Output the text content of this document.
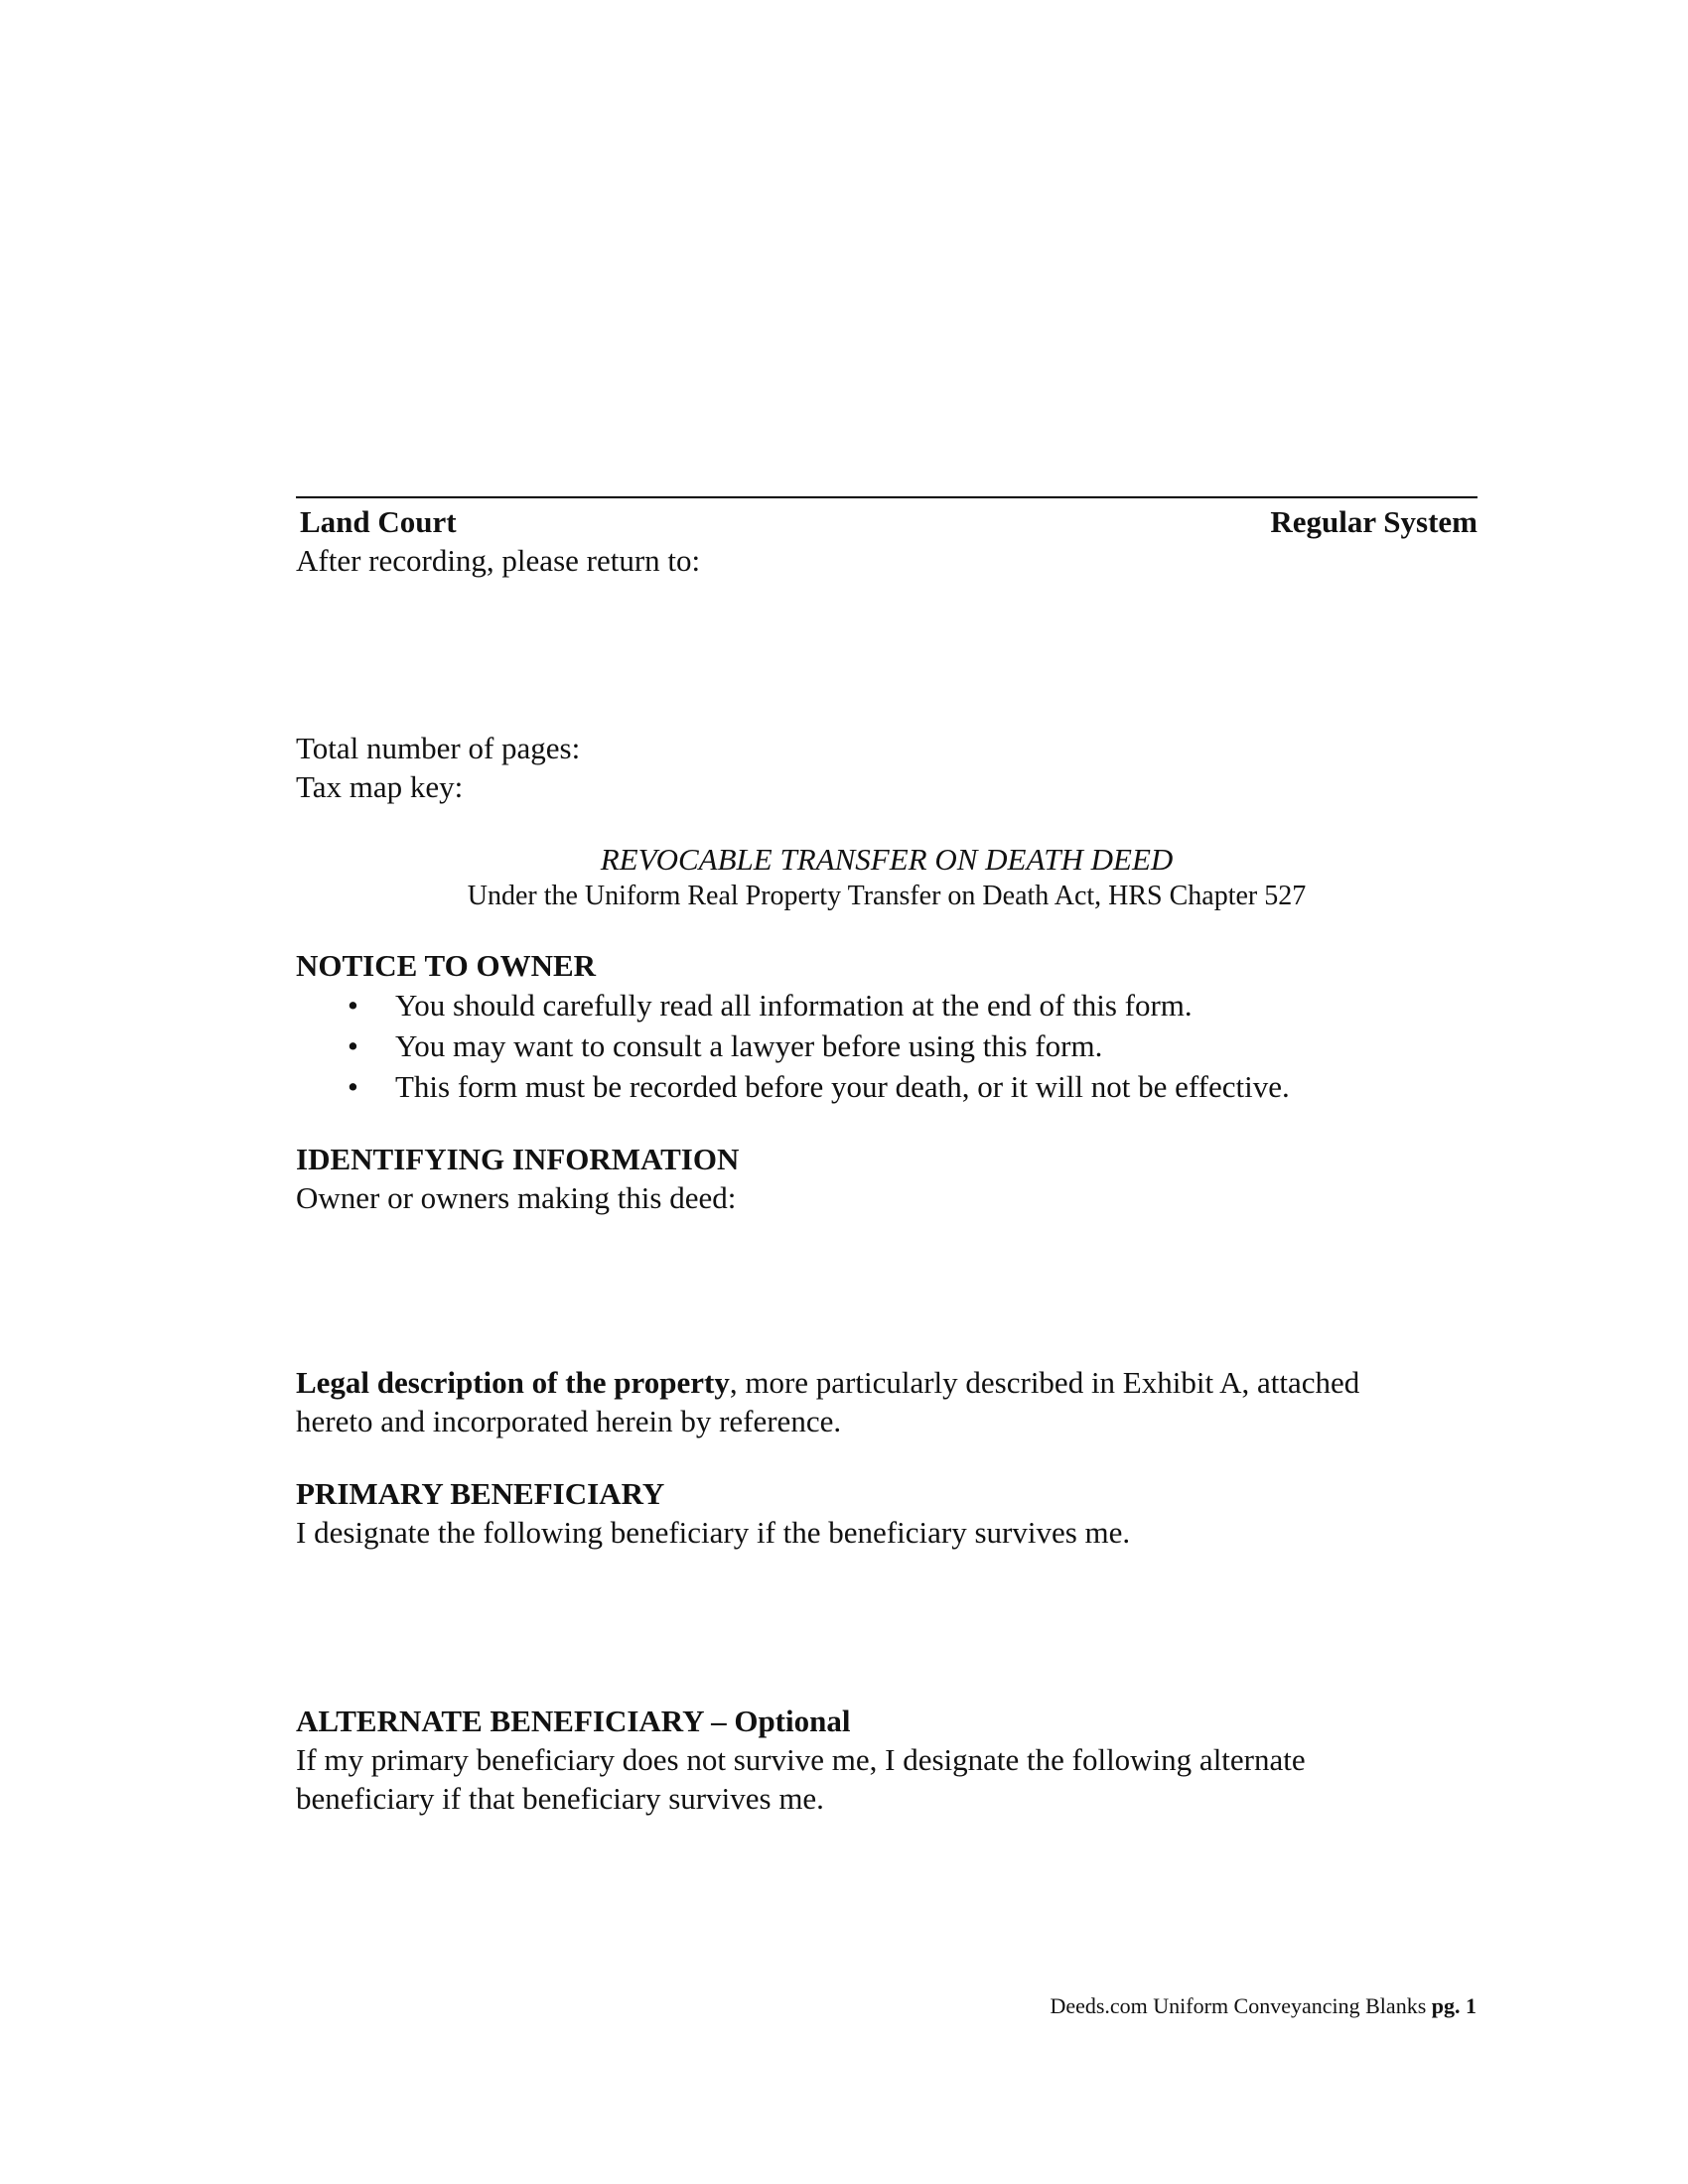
Land Court	Regular System
After recording, please return to:
Total number of pages:
Tax map key:
REVOCABLE TRANSFER ON DEATH DEED
Under the Uniform Real Property Transfer on Death Act, HRS Chapter 527
NOTICE TO OWNER
• You should carefully read all information at the end of this form.
• You may want to consult a lawyer before using this form.
• This form must be recorded before your death, or it will not be effective.
IDENTIFYING INFORMATION
Owner or owners making this deed:
Legal description of the property, more particularly described in Exhibit A, attached
hereto and incorporated herein by reference.
PRIMARY BENEFICIARY
I designate the following beneficiary if the beneficiary survives me.
ALTERNATE BENEFICIARY – Optional
If my primary beneficiary does not survive me, I designate the following alternate
beneficiary if that beneficiary survives me.
Deeds.com Uniform Conveyancing Blanks pg. 1
